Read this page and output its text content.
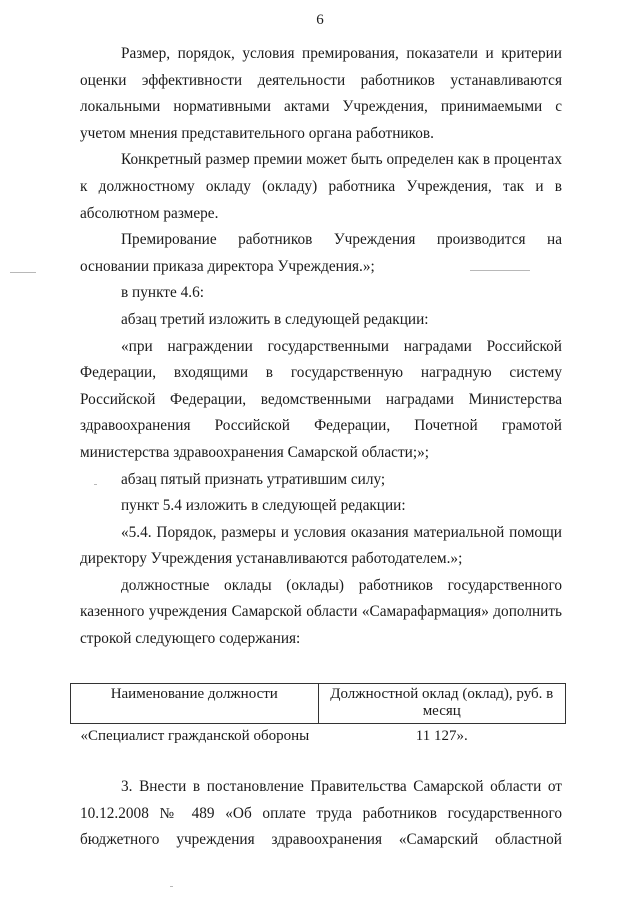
6

Размер, порядок, условия премирования, показатели и критерии оценки эффективности деятельности работников устанавливаются локальными нормативными актами Учреждения, принимаемыми с учетом мнения представительного органа работников.

Конкретный размер премии может быть определен как в процентах к должностному окладу (окладу) работника Учреждения, так и в абсолютном размере.

Премирование работников Учреждения производится на основании приказа директора Учреждения.»;

в пункте 4.6:

абзац третий изложить в следующей редакции:

«при награждении государственными наградами Российской Федерации, входящими в государственную наградную систему Российской Федерации, ведомственными наградами Министерства здравоохранения Российской Федерации, Почетной грамотой министерства здравоохранения Самарской области;»;

абзац пятый признать утратившим силу;

пункт 5.4 изложить в следующей редакции:

«5.4. Порядок, размеры и условия оказания материальной помощи директору Учреждения устанавливаются работодателем.»;

должностные оклады (оклады) работников государственного казенного учреждения Самарской области «Самарафармация» дополнить строкой следующего содержания:

Наименование должности	Должностной оклад (оклад), руб. в месяц
«Специалист гражданской обороны	11 127».

3. Внести в постановление Правительства Самарской области от 10.12.2008 № 489 «Об оплате труда работников государственного бюджетного учреждения здравоохранения «Самарский областной
